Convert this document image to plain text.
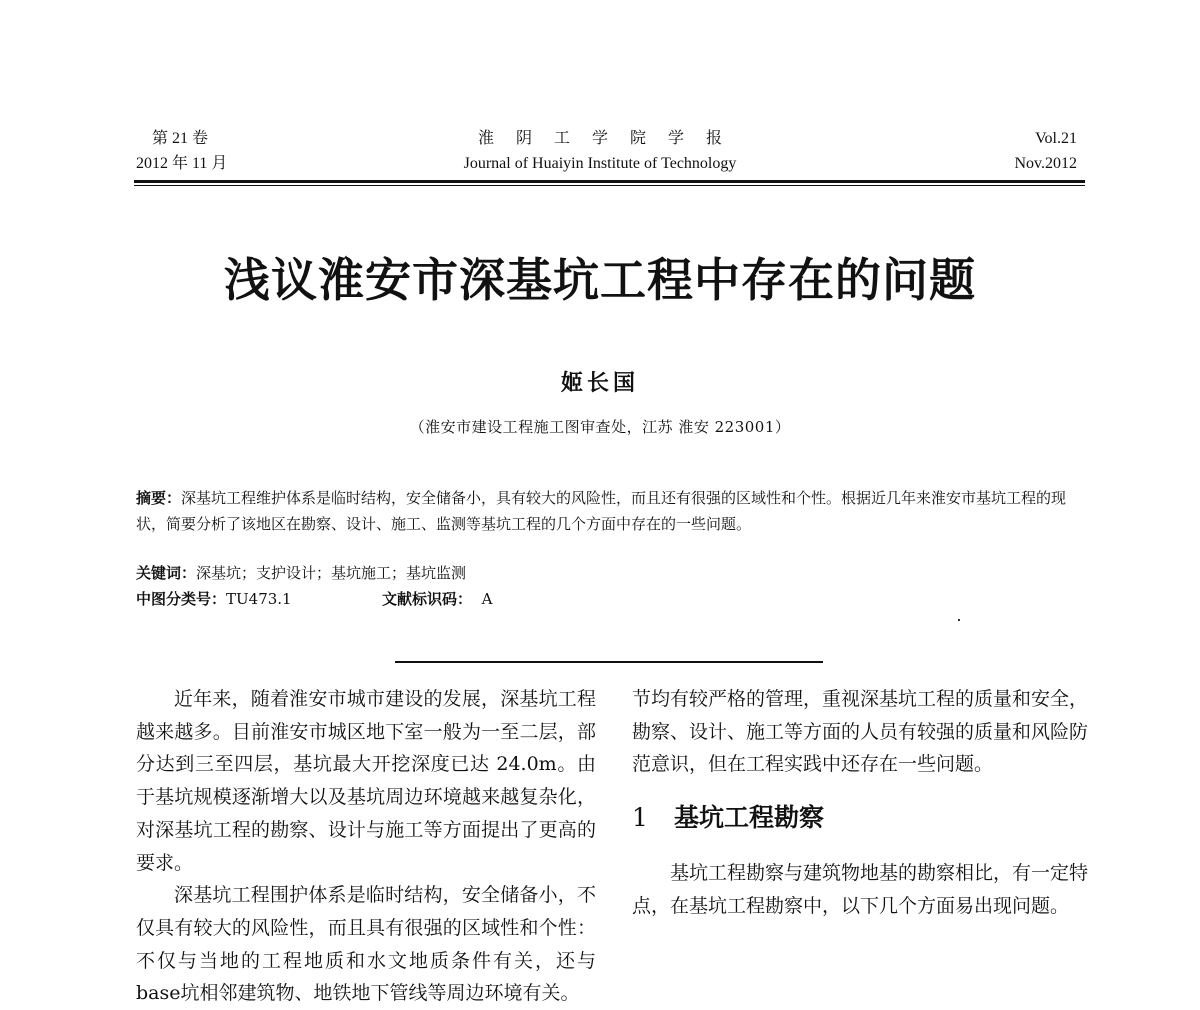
第 21 卷
2012 年 11 月
淮阴工学院学报
Journal of Huaiyin Institute of Technology
Vol.21
Nov.2012
浅议淮安市深基坑工程中存在的问题
姬长国
（淮安市建设工程施工图审查处，江苏 淮安 223001）
摘要：深基坑工程维护体系是临时结构，安全储备小，具有较大的风险性，而且还有很强的区域性和个性。根据近几年来淮安市基坑工程的现状，简要分析了该地区在勘察、设计、施工、监测等基坑工程的几个方面中存在的一些问题。
关键词：深基坑；支护设计；基坑施工；基坑监测
中图分类号：TU473.1	文献标识码： A

近年来，随着淮安市城市建设的发展，深基坑工程越来越多。目前淮安市城区地下室一般为一至二层，部分达到三至四层，基坑最大开挖深度已达 24.0m。由于基坑规模逐渐增大以及基坑周边环境越来越复杂化，对深基坑工程的勘察、设计与施工等方面提出了更高的要求。

深基坑工程围护体系是临时结构，安全储备小，不仅具有较大的风险性，而且具有很强的区域性和个性：不仅与当地的工程地质和水文地质条件有关，还与base坑相邻建筑物、地铁地下管线等周边环境有关。

节均有较严格的管理，重视深基坑工程的质量和安全，勘察、设计、施工等方面的人员有较强的质量和风险防范意识，但在工程实践中还存在一些问题。

1 基坑工程勘察

基坑工程勘察与建筑物地基的勘察相比，有一定特点，在基坑工程勘察中，以下几个方面易出现问题。
